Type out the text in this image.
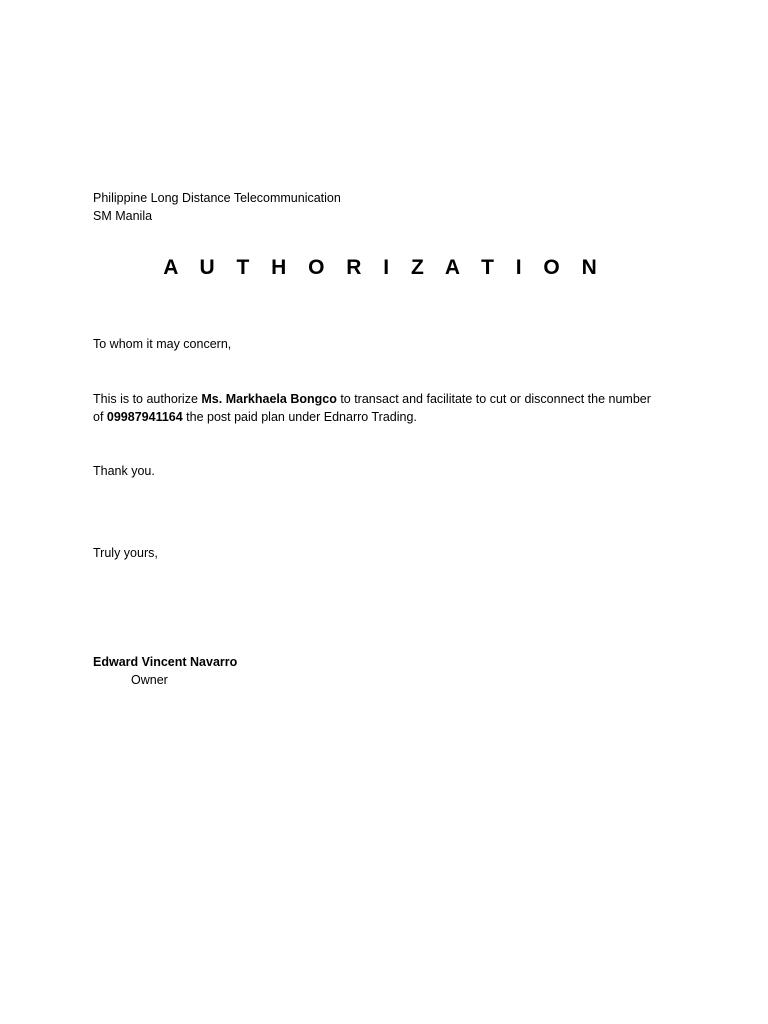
Philippine Long Distance Telecommunication
SM Manila
A U T H O R I Z A T I O N
To whom it may concern,
This is to authorize Ms. Markhaela Bongco to transact and facilitate to cut or disconnect the number
of 09987941164 the post paid plan under Ednarro Trading.
Thank you.
Truly yours,
Edward Vincent Navarro
Owner
